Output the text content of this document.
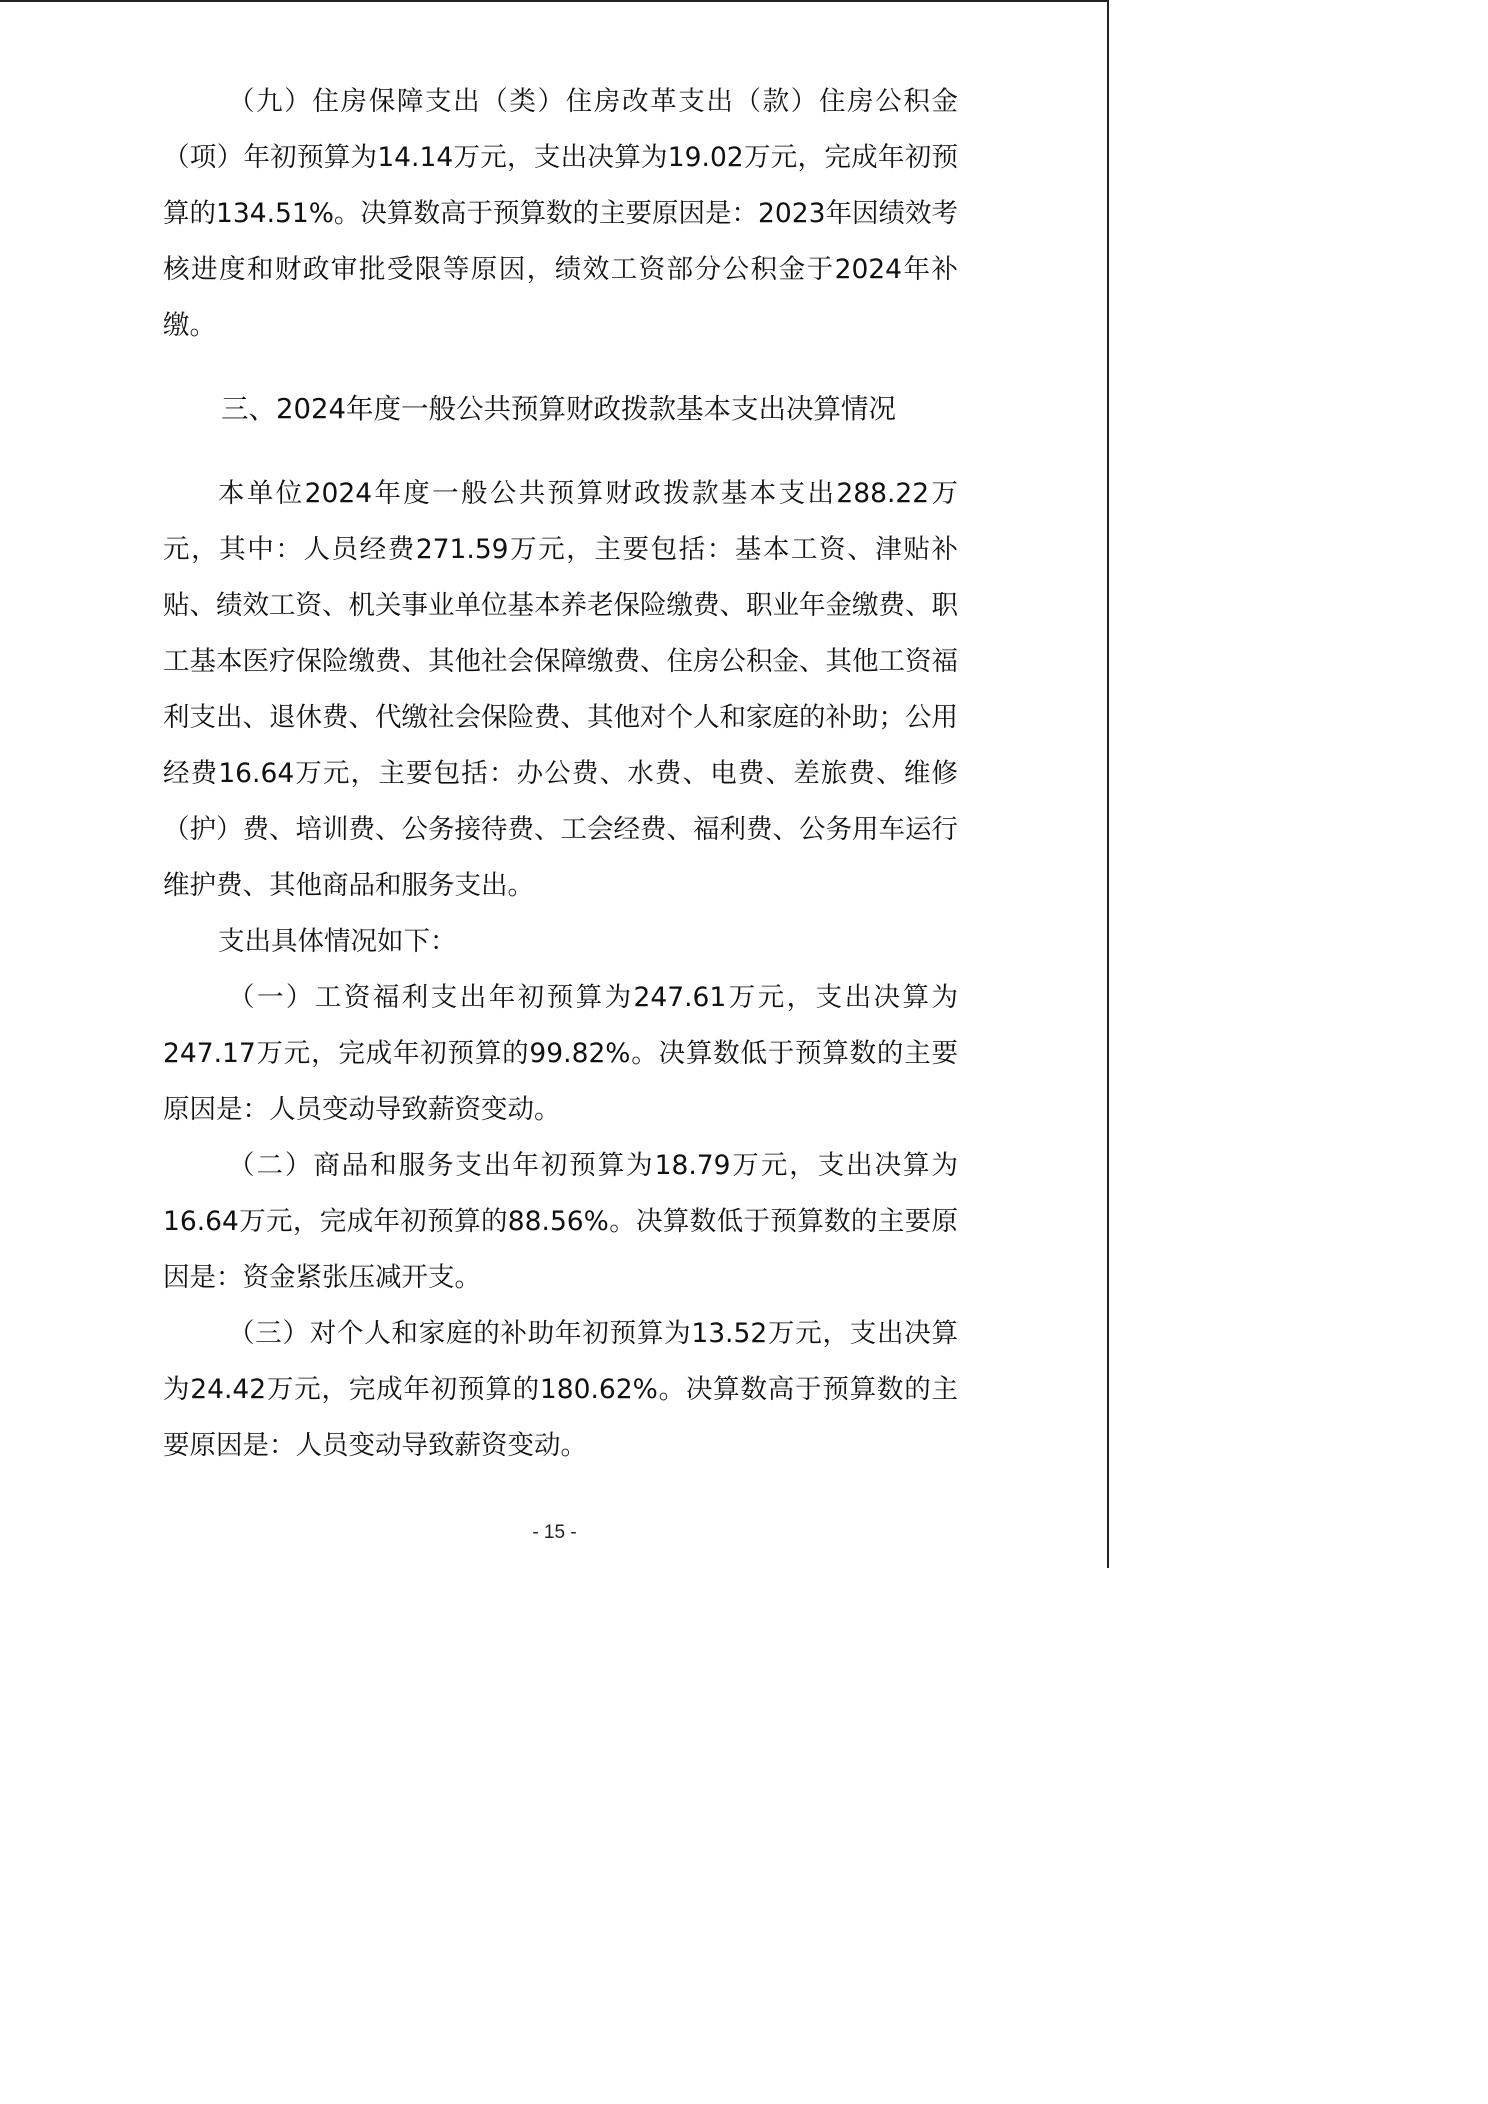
（九）住房保障支出（类）住房改革支出（款）住房公积金（项）年初预算为14.14万元，支出决算为19.02万元，完成年初预算的134.51%。决算数高于预算数的主要原因是：2023年因绩效考核进度和财政审批受限等原因，绩效工资部分公积金于2024年补缴。

三、2024年度一般公共预算财政拨款基本支出决算情况

本单位2024年度一般公共预算财政拨款基本支出288.22万元，其中：人员经费271.59万元，主要包括：基本工资、津贴补贴、绩效工资、机关事业单位基本养老保险缴费、职业年金缴费、职工基本医疗保险缴费、其他社会保障缴费、住房公积金、其他工资福利支出、退休费、代缴社会保险费、其他对个人和家庭的补助；公用经费16.64万元，主要包括：办公费、水费、电费、差旅费、维修（护）费、培训费、公务接待费、工会经费、福利费、公务用车运行维护费、其他商品和服务支出。

支出具体情况如下：

（一）工资福利支出年初预算为247.61万元，支出决算为247.17万元，完成年初预算的99.82%。决算数低于预算数的主要原因是：人员变动导致薪资变动。

（二）商品和服务支出年初预算为18.79万元，支出决算为16.64万元，完成年初预算的88.56%。决算数低于预算数的主要原因是：资金紧张压减开支。

（三）对个人和家庭的补助年初预算为13.52万元，支出决算为24.42万元，完成年初预算的180.62%。决算数高于预算数的主要原因是：人员变动导致薪资变动。

- 15 -
